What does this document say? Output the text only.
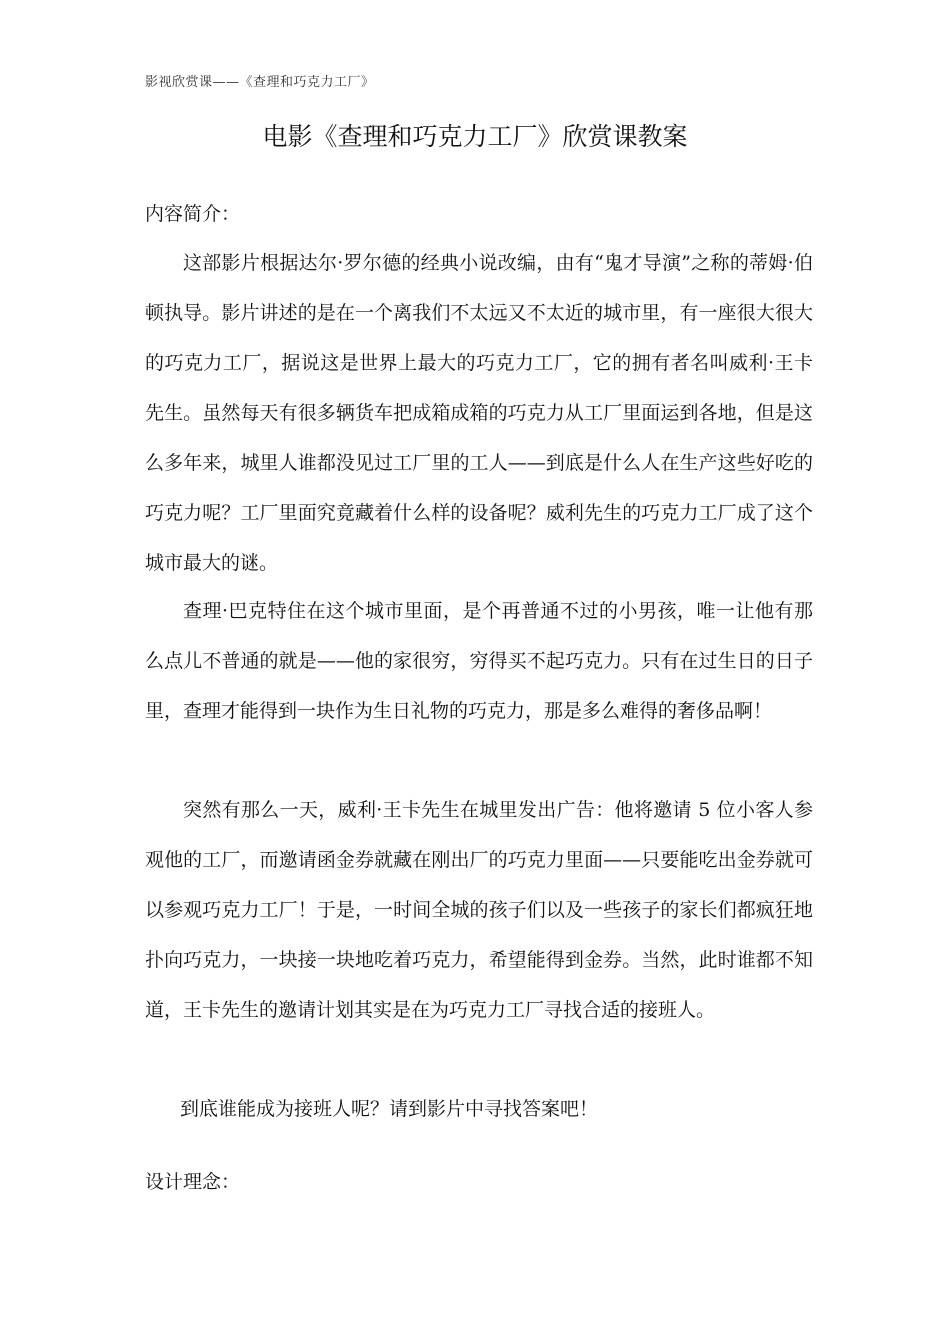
影视欣赏课——《查理和巧克力工厂》
电影《查理和巧克力工厂》欣赏课教案
内容简介：

这部影片根据达尔·罗尔德的经典小说改编，由有“鬼才导演”之称的蒂姆·伯顿执导。影片讲述的是在一个离我们不太远又不太近的城市里，有一座很大很大的巧克力工厂，据说这是世界上最大的巧克力工厂，它的拥有者名叫威利·王卡先生。虽然每天有很多辆货车把成箱成箱的巧克力从工厂里面运到各地，但是这么多年来，城里人谁都没见过工厂里的工人——到底是什么人在生产这些好吃的巧克力呢？工厂里面究竟藏着什么样的设备呢？威利先生的巧克力工厂成了这个城市最大的谜。

查理·巴克特住在这个城市里面，是个再普通不过的小男孩，唯一让他有那么点儿不普通的就是——他的家很穷，穷得买不起巧克力。只有在过生日的日子里，查理才能得到一块作为生日礼物的巧克力，那是多么难得的奢侈品啊！

突然有那么一天，威利·王卡先生在城里发出广告：他将邀请 5 位小客人参观他的工厂，而邀请函金券就藏在刚出厂的巧克力里面——只要能吃出金券就可以参观巧克力工厂！于是，一时间全城的孩子们以及一些孩子的家长们都疯狂地扑向巧克力，一块接一块地吃着巧克力，希望能得到金券。当然，此时谁都不知道，王卡先生的邀请计划其实是在为巧克力工厂寻找合适的接班人。

到底谁能成为接班人呢？请到影片中寻找答案吧！
设计理念：
